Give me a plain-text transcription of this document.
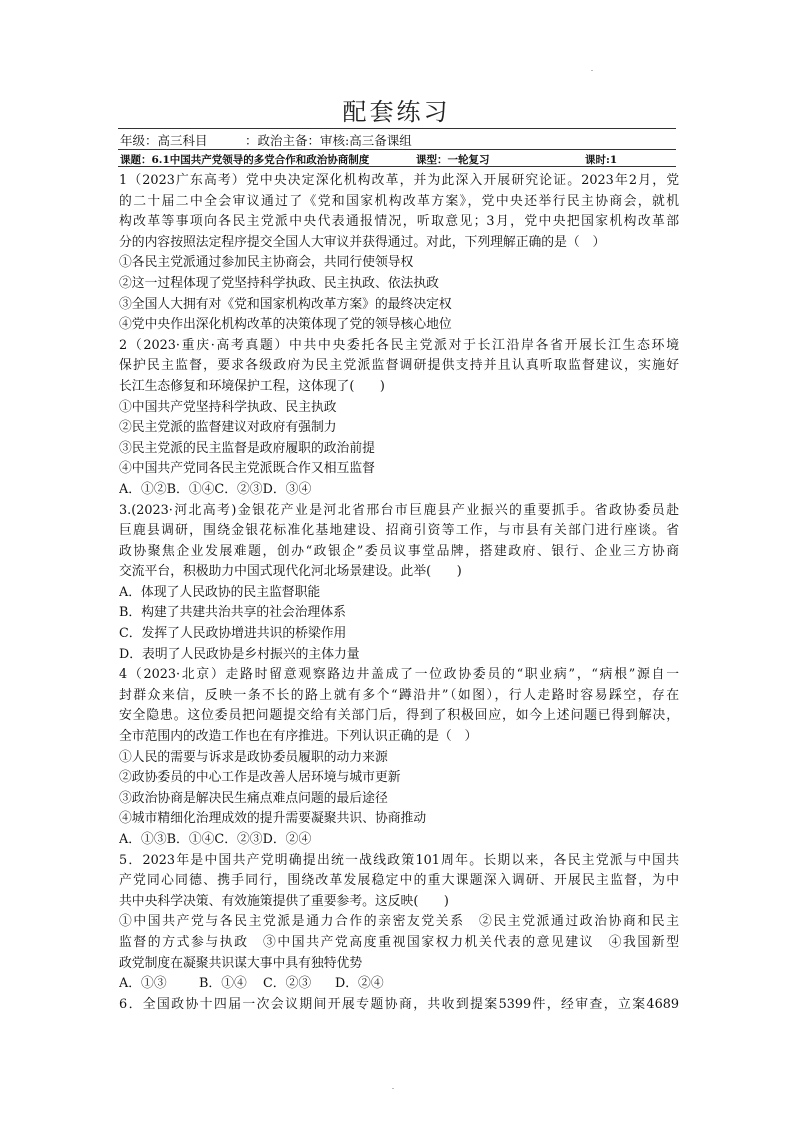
配套练习
年级：高三科目　　　：政治主备：审核:高三备课组
课题：6.1中国共产党领导的多党合作和政治协商制度	课型：一轮复习	课时:1
1（2023广东高考）党中央决定深化机构改革，并为此深入开展研究论证。2023年2月，党
的二十届二中全会审议通过了《党和国家机构改革方案》，党中央还举行民主协商会，就机
构改革等事项向各民主党派中央代表通报情况，听取意见；3月，党中央把国家机构改革部
分的内容按照法定程序提交全国人大审议并获得通过。对此，下列理解正确的是（　）
①各民主党派通过参加民主协商会，共同行使领导权
②这一过程体现了党坚持科学执政、民主执政、依法执政
③全国人大拥有对《党和国家机构改革方案》的最终决定权
④党中央作出深化机构改革的决策体现了党的领导核心地位
2（2023·重庆·高考真题）中共中央委托各民主党派对于长江沿岸各省开展长江生态环境
保护民主监督，要求各级政府为民主党派监督调研提供支持并且认真听取监督建议，实施好
长江生态修复和环境保护工程，这体现了(　　)
①中国共产党坚持科学执政、民主执政
②民主党派的监督建议对政府有强制力
③民主党派的民主监督是政府履职的政治前提
④中国共产党同各民主党派既合作又相互监督
A．①②B．①④C．②③D．③④
3.(2023·河北高考)金银花产业是河北省邢台市巨鹿县产业振兴的重要抓手。省政协委员赴
巨鹿县调研，围绕金银花标准化基地建设、招商引资等工作，与市县有关部门进行座谈。省
政协聚焦企业发展难题，创办“政银企”委员议事堂品牌，搭建政府、银行、企业三方协商
交流平台，积极助力中国式现代化河北场景建设。此举(　　)
A．体现了人民政协的民主监督职能
B．构建了共建共治共享的社会治理体系
C．发挥了人民政协增进共识的桥梁作用
D．表明了人民政协是乡村振兴的主体力量
4（2023·北京）走路时留意观察路边井盖成了一位政协委员的“职业病”，“病根”源自一
封群众来信，反映一条不长的路上就有多个“蹲沿井”（如图），行人走路时容易踩空，存在
安全隐患。这位委员把问题提交给有关部门后，得到了积极回应，如今上述问题已得到解决，
全市范围内的改造工作也在有序推进。下列认识正确的是（　）
①人民的需要与诉求是政协委员履职的动力来源
②政协委员的中心工作是改善人居环境与城市更新
③政治协商是解决民生痛点难点问题的最后途径
④城市精细化治理成效的提升需要凝聚共识、协商推动
A．①③B．①④C．②③D．②④
5．2023年是中国共产党明确提出统一战线政策101周年。长期以来，各民主党派与中国共
产党同心同德、携手同行，围绕改革发展稳定中的重大课题深入调研、开展民主监督，为中
共中央科学决策、有效施策提供了重要参考。这反映(　　)
①中国共产党与各民主党派是通力合作的亲密友党关系　②民主党派通过政治协商和民主
监督的方式参与执政　③中国共产党高度重视国家权力机关代表的意见建议　④我国新型
政党制度在凝聚共识谋大事中具有独特优势
A．①③	B．①④ C．②③ D．②④
6．全国政协十四届一次会议期间开展专题协商，共收到提案5399件，经审查，立案4689
